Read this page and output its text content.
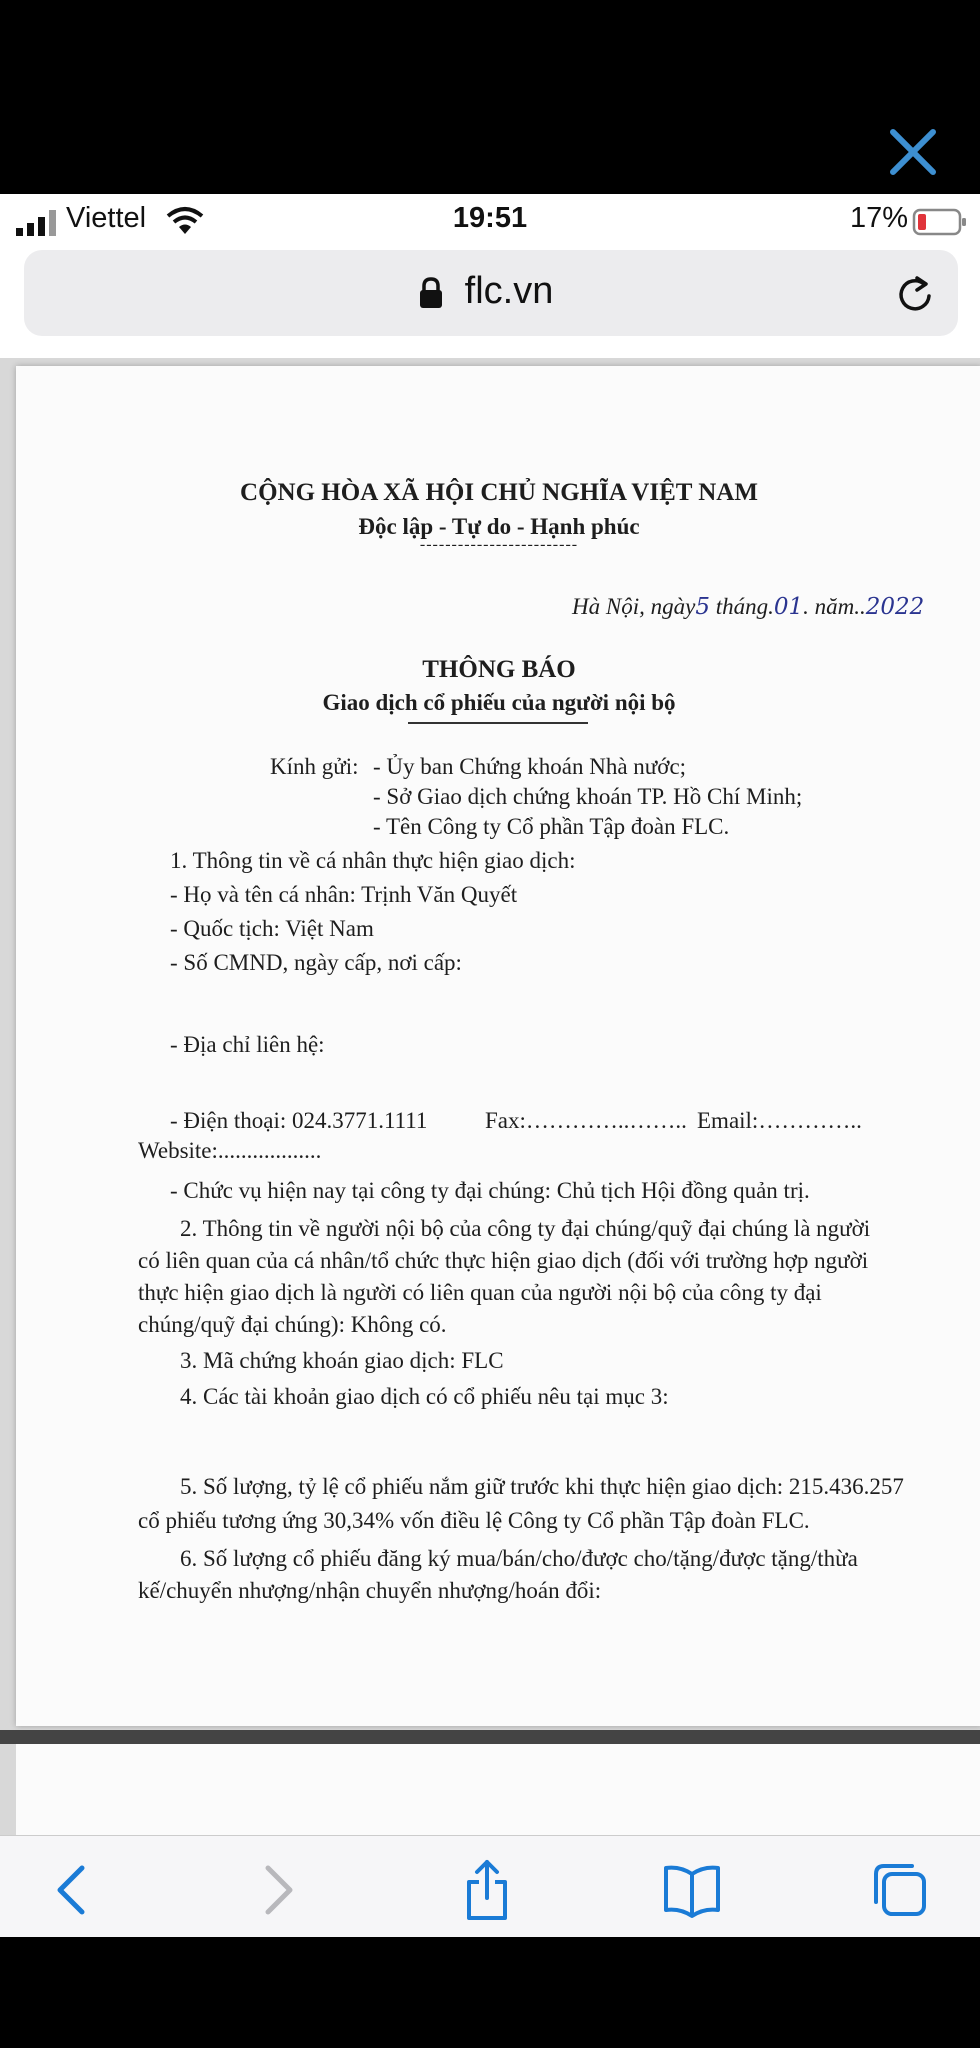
Viettel	19:51	17%
flc.vn
CỘNG HÒA XÃ HỘI CHỦ NGHĨA VIỆT NAM
Độc lập - Tự do - Hạnh phúc
-------------------------
Hà Nội, ngày5 tháng.01. năm..2022
THÔNG BÁO
Giao dịch cổ phiếu của người nội bộ
Kính gửi: - Ủy ban Chứng khoán Nhà nước;
- Sở Giao dịch chứng khoán TP. Hồ Chí Minh;
- Tên Công ty Cổ phần Tập đoàn FLC.
1. Thông tin về cá nhân thực hiện giao dịch:
- Họ và tên cá nhân: Trịnh Văn Quyết
- Quốc tịch: Việt Nam
- Số CMND, ngày cấp, nơi cấp:
- Địa chỉ liên hệ:
- Điện thoại: 024.3771.1111	Fax:…………..…….. Email:…………..
Website:..................
- Chức vụ hiện nay tại công ty đại chúng: Chủ tịch Hội đồng quản trị.
2. Thông tin về người nội bộ của công ty đại chúng/quỹ đại chúng là người
có liên quan của cá nhân/tổ chức thực hiện giao dịch (đối với trường hợp người
thực hiện giao dịch là người có liên quan của người nội bộ của công ty đại
chúng/quỹ đại chúng): Không có.
3. Mã chứng khoán giao dịch: FLC
4. Các tài khoản giao dịch có cổ phiếu nêu tại mục 3:
5. Số lượng, tỷ lệ cổ phiếu nắm giữ trước khi thực hiện giao dịch: 215.436.257
cổ phiếu tương ứng 30,34% vốn điều lệ Công ty Cổ phần Tập đoàn FLC.
6. Số lượng cổ phiếu đăng ký mua/bán/cho/được cho/tặng/được tặng/thừa
kế/chuyển nhượng/nhận chuyển nhượng/hoán đổi:
